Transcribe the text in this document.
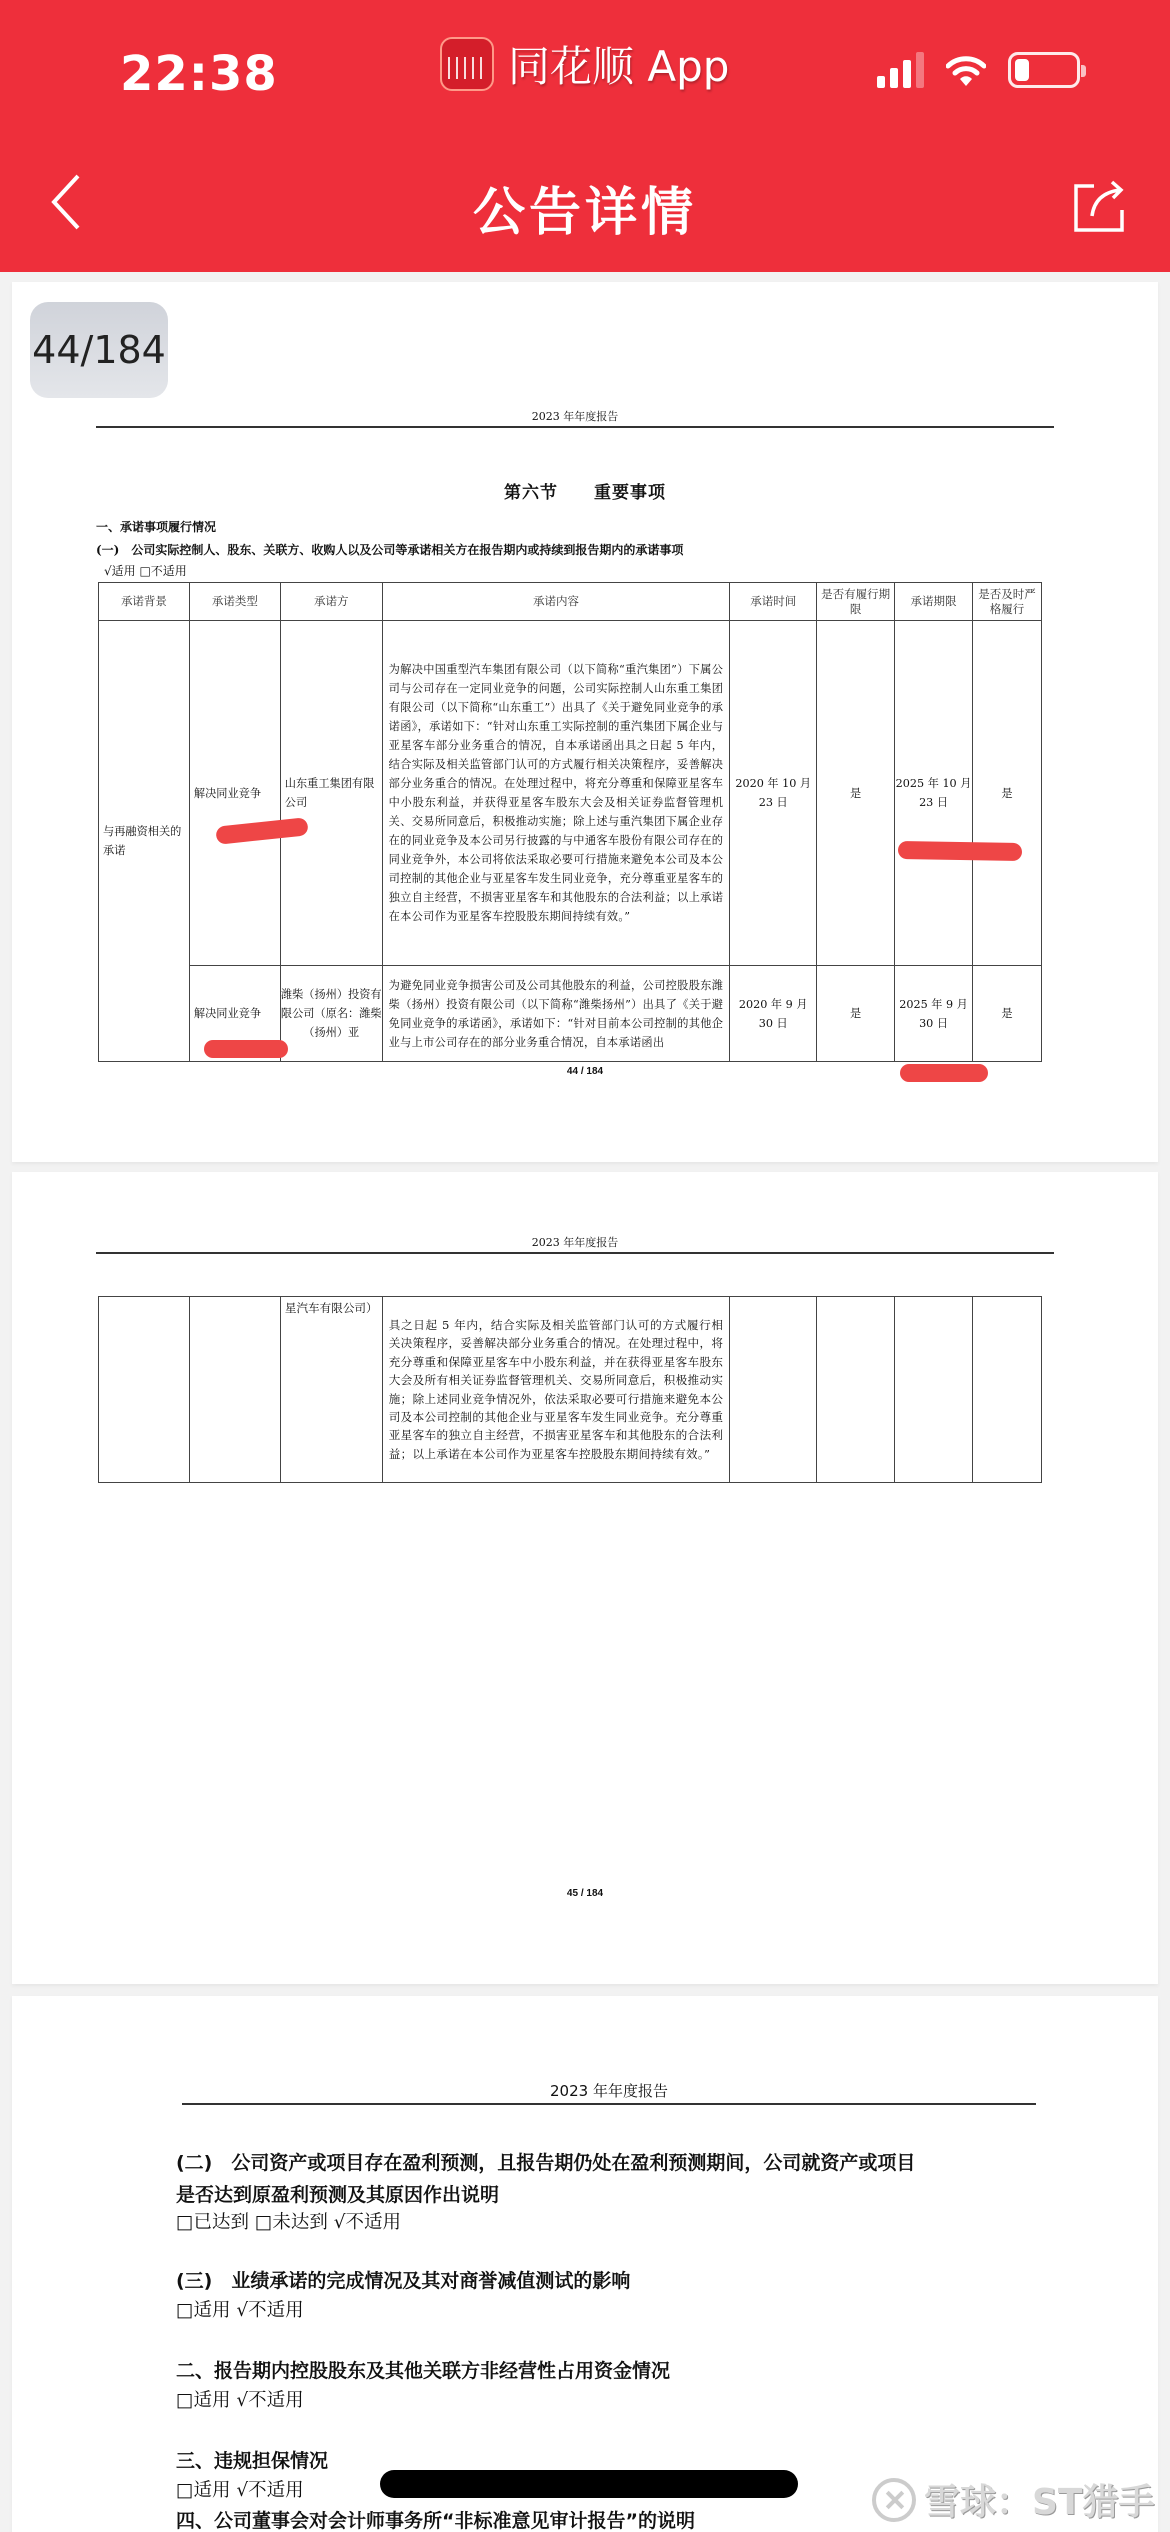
22:38	同花顺 App
公告详情
44/184
2023 年年度报告
第六节　　重要事项
一、承诺事项履行情况
(一)　公司实际控制人、股东、关联方、收购人以及公司等承诺相关方在报告期内或持续到报告期内的承诺事项
√适用 □不适用
承诺背景	承诺类型	承诺方	承诺内容	承诺时间	是否有履行期限	承诺期限	是否及时严格履行
与再融资相关的承诺	解决同业竞争	山东重工集团有限公司	为解决中国重型汽车集团有限公司（以下简称“重汽集团”）下属公司与公司存在一定同业竞争的问题，公司实际控制人山东重工集团有限公司（以下简称“山东重工”）出具了《关于避免同业竞争的承诺函》，承诺如下：“针对山东重工实际控制的重汽集团下属企业与亚星客车部分业务重合的情况，自本承诺函出具之日起 5 年内，结合实际及相关监管部门认可的方式履行相关决策程序，妥善解决部分业务重合的情况。在处理过程中，将充分尊重和保障亚星客车中小股东利益，并获得亚星客车股东大会及相关证券监督管理机关、交易所同意后，积极推动实施；除上述与重汽集团下属企业存在的同业竞争及本公司另行披露的与中通客车股份有限公司存在的同业竞争外，本公司将依法采取必要可行措施来避免本公司及本公司控制的其他企业与亚星客车发生同业竞争，充分尊重亚星客车的独立自主经营，不损害亚星客车和其他股东的合法利益；以上承诺在本公司作为亚星客车控股股东期间持续有效。”	2020 年 10 月 23 日	是	2025 年 10 月 23 日	是
	解决同业竞争	潍柴（扬州）投资有限公司（原名：潍柴（扬州）亚	为避免同业竞争损害公司及公司其他股东的利益，公司控股股东潍柴（扬州）投资有限公司（以下简称“潍柴扬州”）出具了《关于避免同业竞争的承诺函》，承诺如下：“针对目前本公司控制的其他企业与上市公司存在的部分业务重合情况，自本承诺函出	2020 年 9 月 30 日	是	2025 年 9 月 30 日	是
44 / 184
2023 年年度报告
		星汽车有限公司）	具之日起 5 年内，结合实际及相关监管部门认可的方式履行相关决策程序，妥善解决部分业务重合的情况。在处理过程中，将充分尊重和保障亚星客车中小股东利益，并在获得亚星客车股东大会及所有相关证券监督管理机关、交易所同意后，积极推动实施；除上述同业竞争情况外，依法采取必要可行措施来避免本公司及本公司控制的其他企业与亚星客车发生同业竞争。充分尊重亚星客车的独立自主经营，不损害亚星客车和其他股东的合法利益；以上承诺在本公司作为亚星客车控股股东期间持续有效。”				
45 / 184
2023 年年度报告
(二)　公司资产或项目存在盈利预测，且报告期仍处在盈利预测期间，公司就资产或项目
是否达到原盈利预测及其原因作出说明
□已达到 □未达到 √不适用
(三)　业绩承诺的完成情况及其对商誉减值测试的影响
□适用 √不适用
二、报告期内控股股东及其他关联方非经营性占用资金情况
□适用 √不适用
三、违规担保情况
□适用 √不适用
四、公司董事会对会计师事务所“非标准意见审计报告”的说明	雪球：ST猎手
